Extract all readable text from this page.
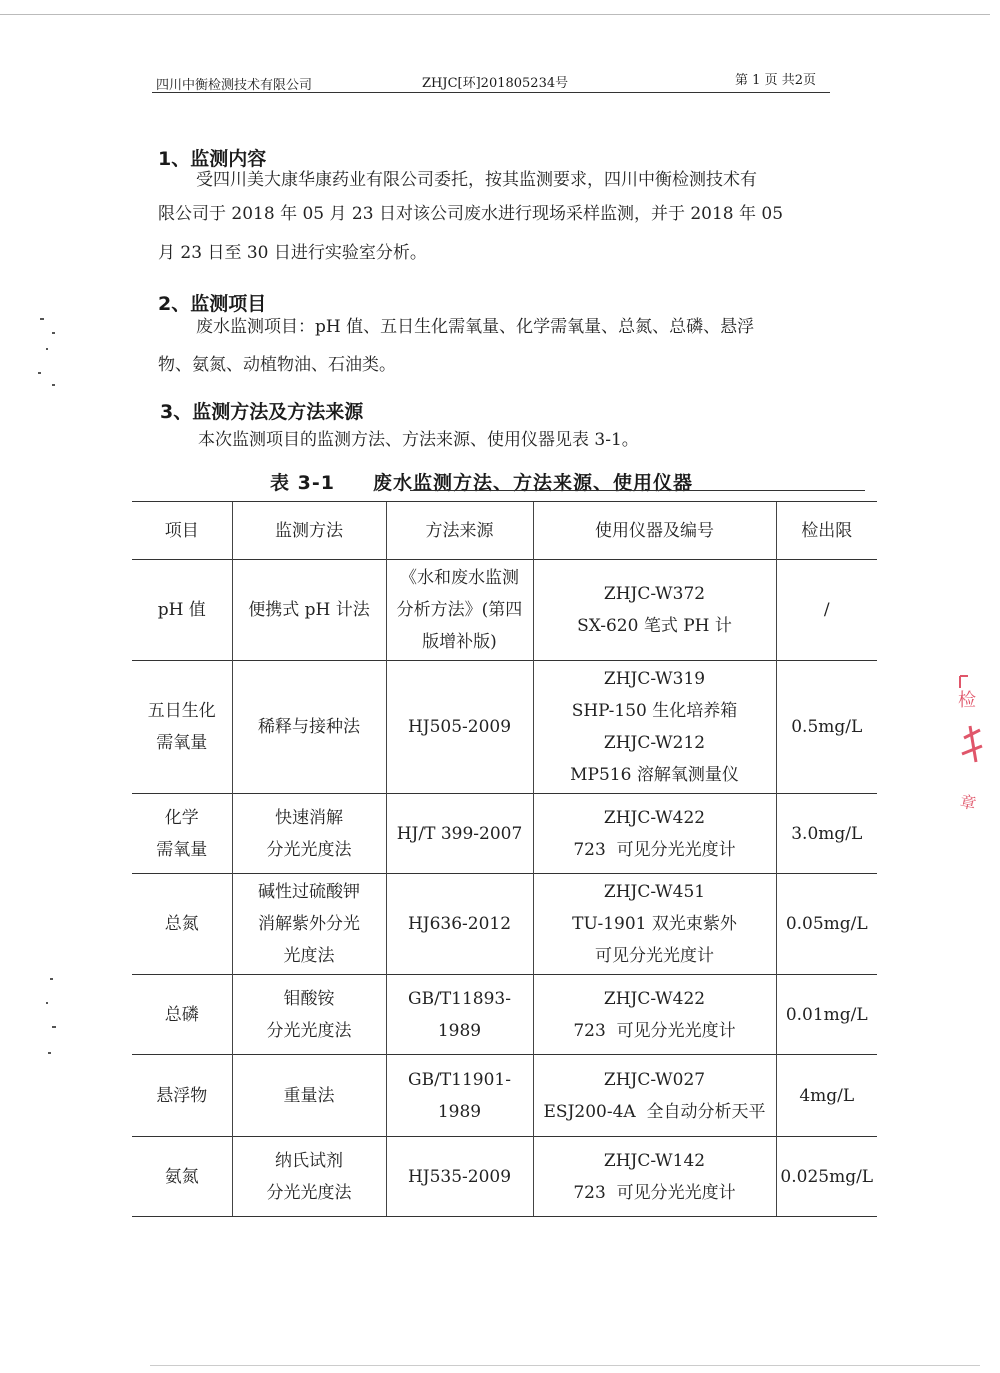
四川中衡检测技术有限公司	ZHJC[环]201805234号	第 1 页 共2页
1、监测内容

受四川美大康华康药业有限公司委托，按其监测要求，四川中衡检测技术有

限公司于 2018 年 05 月 23 日对该公司废水进行现场采样监测，并于 2018 年 05

月 23 日至 30 日进行实验室分析。

2、监测项目

废水监测项目：pH 值、五日生化需氧量、化学需氧量、总氮、总磷、悬浮

物、氨氮、动植物油、石油类。

3、监测方法及方法来源

本次监测项目的监测方法、方法来源、使用仪器见表 3-1。

表 3-1     废水监测方法、方法来源、使用仪器
项目	监测方法	方法来源	使用仪器及编号	检出限

pH 值	便携式 pH 计法	《水和废水监测
分析方法》(第四
版增补版)	ZHJC-W372
SX-620 笔式 PH 计	/

五日生化
需氧量	稀释与接种法	HJ505-2009	ZHJC-W319
SHP-150 生化培养箱
ZHJC-W212
MP516 溶解氧测量仪	0.5mg/L

化学
需氧量	快速消解
分光光度法	HJ/T 399-2007	ZHJC-W422
723  可见分光光度计	3.0mg/L

总氮	碱性过硫酸钾
消解紫外分光
光度法	HJ636-2012	ZHJC-W451
TU-1901 双光束紫外
可见分光光度计	0.05mg/L

总磷	钼酸铵
分光光度法	GB/T11893-1989	ZHJC-W422
723  可见分光光度计	0.01mg/L

悬浮物	重量法	GB/T11901-1989	ZHJC-W027
ESJ200-4A  全自动分析天平	4mg/L

氨氮	纳氏试剂
分光光度法	HJ535-2009	ZHJC-W142
723  可见分光光度计	0.025mg/L
检
章
